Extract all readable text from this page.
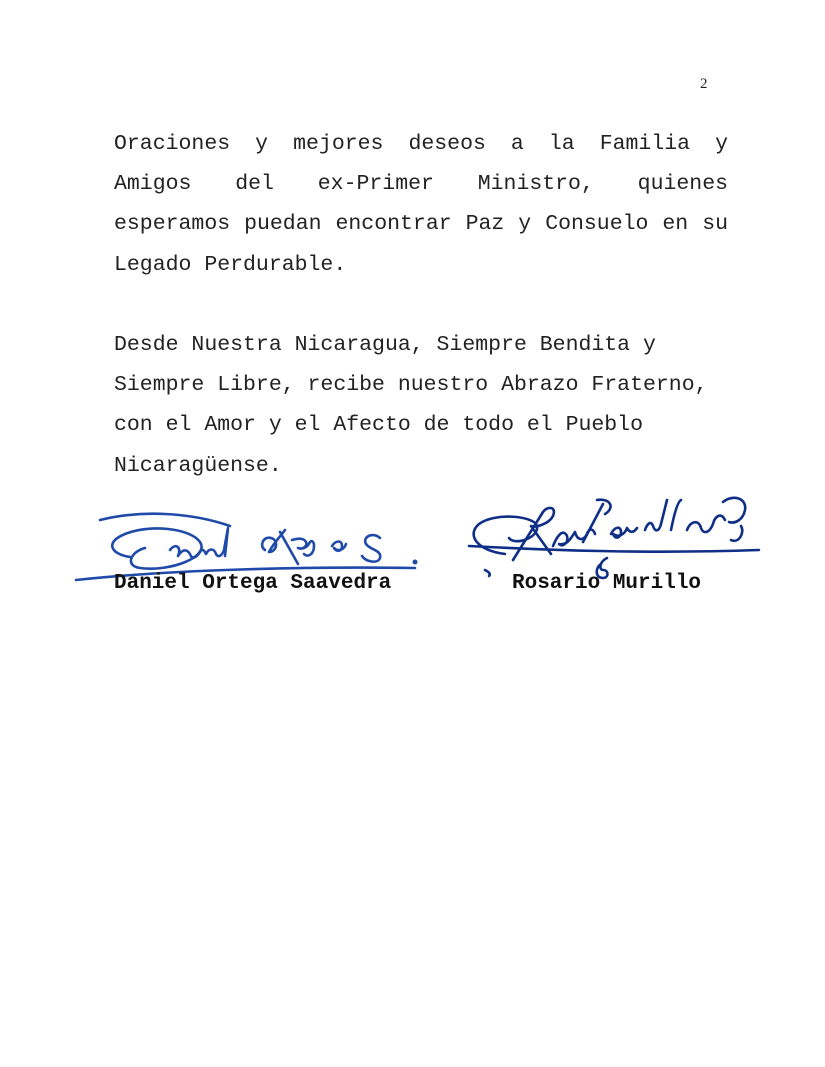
2

Oraciones y mejores deseos a la Familia y Amigos del ex-Primer Ministro, quienes esperamos puedan encontrar Paz y Consuelo en su Legado Perdurable.

Desde Nuestra Nicaragua, Siempre Bendita y Siempre Libre, recibe nuestro Abrazo Fraterno, con el Amor y el Afecto de todo el Pueblo Nicaragüense.

Daniel Ortega Saavedra	Rosario Murillo
